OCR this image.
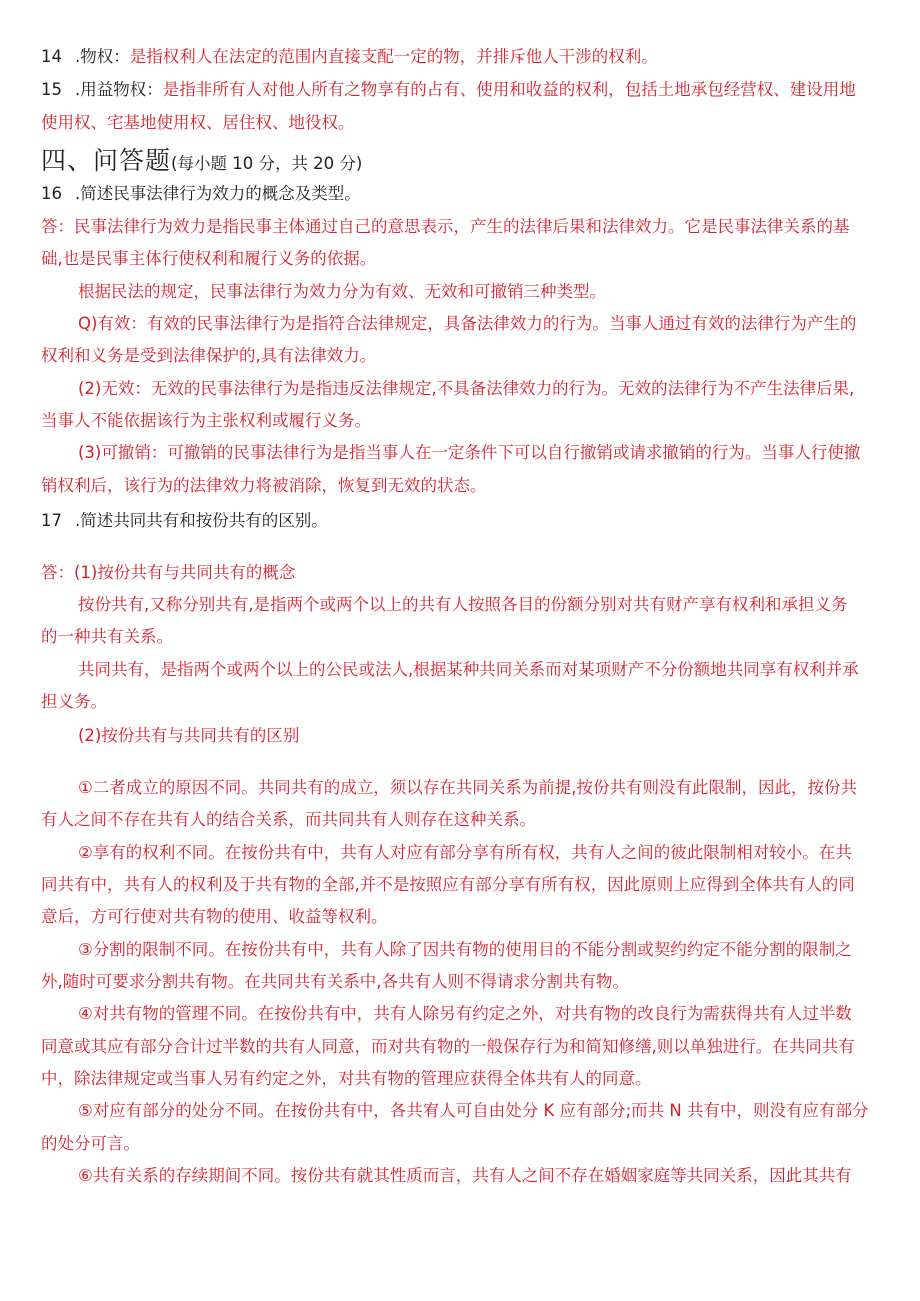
14 .物权：是指权利人在法定的范围内直接支配一定的物，并排斥他人干涉的权利。
15 .用益物权：是指非所有人对他人所有之物享有的占有、使用和收益的权利，包括土地承包经营权、建设用地
使用权、宅基地使用权、居住权、地役权。
四、问答题(每小题 10 分，共 20 分)
16 .简述民事法律行为效力的概念及类型。
答：民事法律行为效力是指民事主体通过自己的意思表示，产生的法律后果和法律效力。它是民事法律关系的基
础,也是民事主体行使权利和履行义务的依据。
根据民法的规定，民事法律行为效力分为有效、无效和可撤销三种类型。
Q)有效：有效的民事法律行为是指符合法律规定，具备法律效力的行为。当事人通过有效的法律行为产生的
权利和义务是受到法律保护的,具有法律效力。
(2)无效：无效的民事法律行为是指违反法律规定,不具备法律效力的行为。无效的法律行为不产生法律后果,
当事人不能依据该行为主张权利或履行义务。
(3)可撤销：可撤销的民事法律行为是指当事人在一定条件下可以自行撤销或请求撤销的行为。当事人行使撤
销权利后，该行为的法律效力将被消除，恢复到无效的状态。
17 .简述共同共有和按份共有的区别。
答：(1)按份共有与共同共有的概念
按份共有,又称分别共有,是指两个或两个以上的共有人按照各目的份额分别对共有财产享有权利和承担义务
的一种共有关系。
共同共有，是指两个或两个以上的公民或法人,根据某种共同关系而对某项财产不分份额地共同享有权利并承
担义务。
(2)按份共有与共同共有的区别
①二者成立的原因不同。共同共有的成立，须以存在共同关系为前提,按份共有则没有此限制，因此，按份共
有人之间不存在共有人的结合关系，而共同共有人则存在这种关系。
②享有的权利不同。在按份共有中，共有人对应有部分享有所有权，共有人之间的彼此限制相对较小。在共
同共有中，共有人的权利及于共有物的全部,并不是按照应有部分享有所有权，因此原则上应得到全体共有人的同
意后，方可行使对共有物的使用、收益等权利。
③分割的限制不同。在按份共有中，共有人除了因共有物的使用目的不能分割或契约约定不能分割的限制之
外,随时可要求分割共有物。在共同共有关系中,各共有人则不得请求分割共有物。
④对共有物的管理不同。在按份共有中，共有人除另有约定之外，对共有物的改良行为需获得共有人过半数
同意或其应有部分合计过半数的共有人同意，而对共有物的一般保存行为和简知修缮,则以单独进行。在共同共有
中，除法律规定或当事人另有约定之外，对共有物的管理应获得全体共有人的同意。
⑤对应有部分的处分不同。在按份共有中，各共宥人可自由处分 K 应有部分;而共 N 共有中，则没有应有部分
的处分可言。
⑥共有关系的存续期间不同。按份共有就其性质而言，共有人之间不存在婚姻家庭等共同关系，因此其共有
